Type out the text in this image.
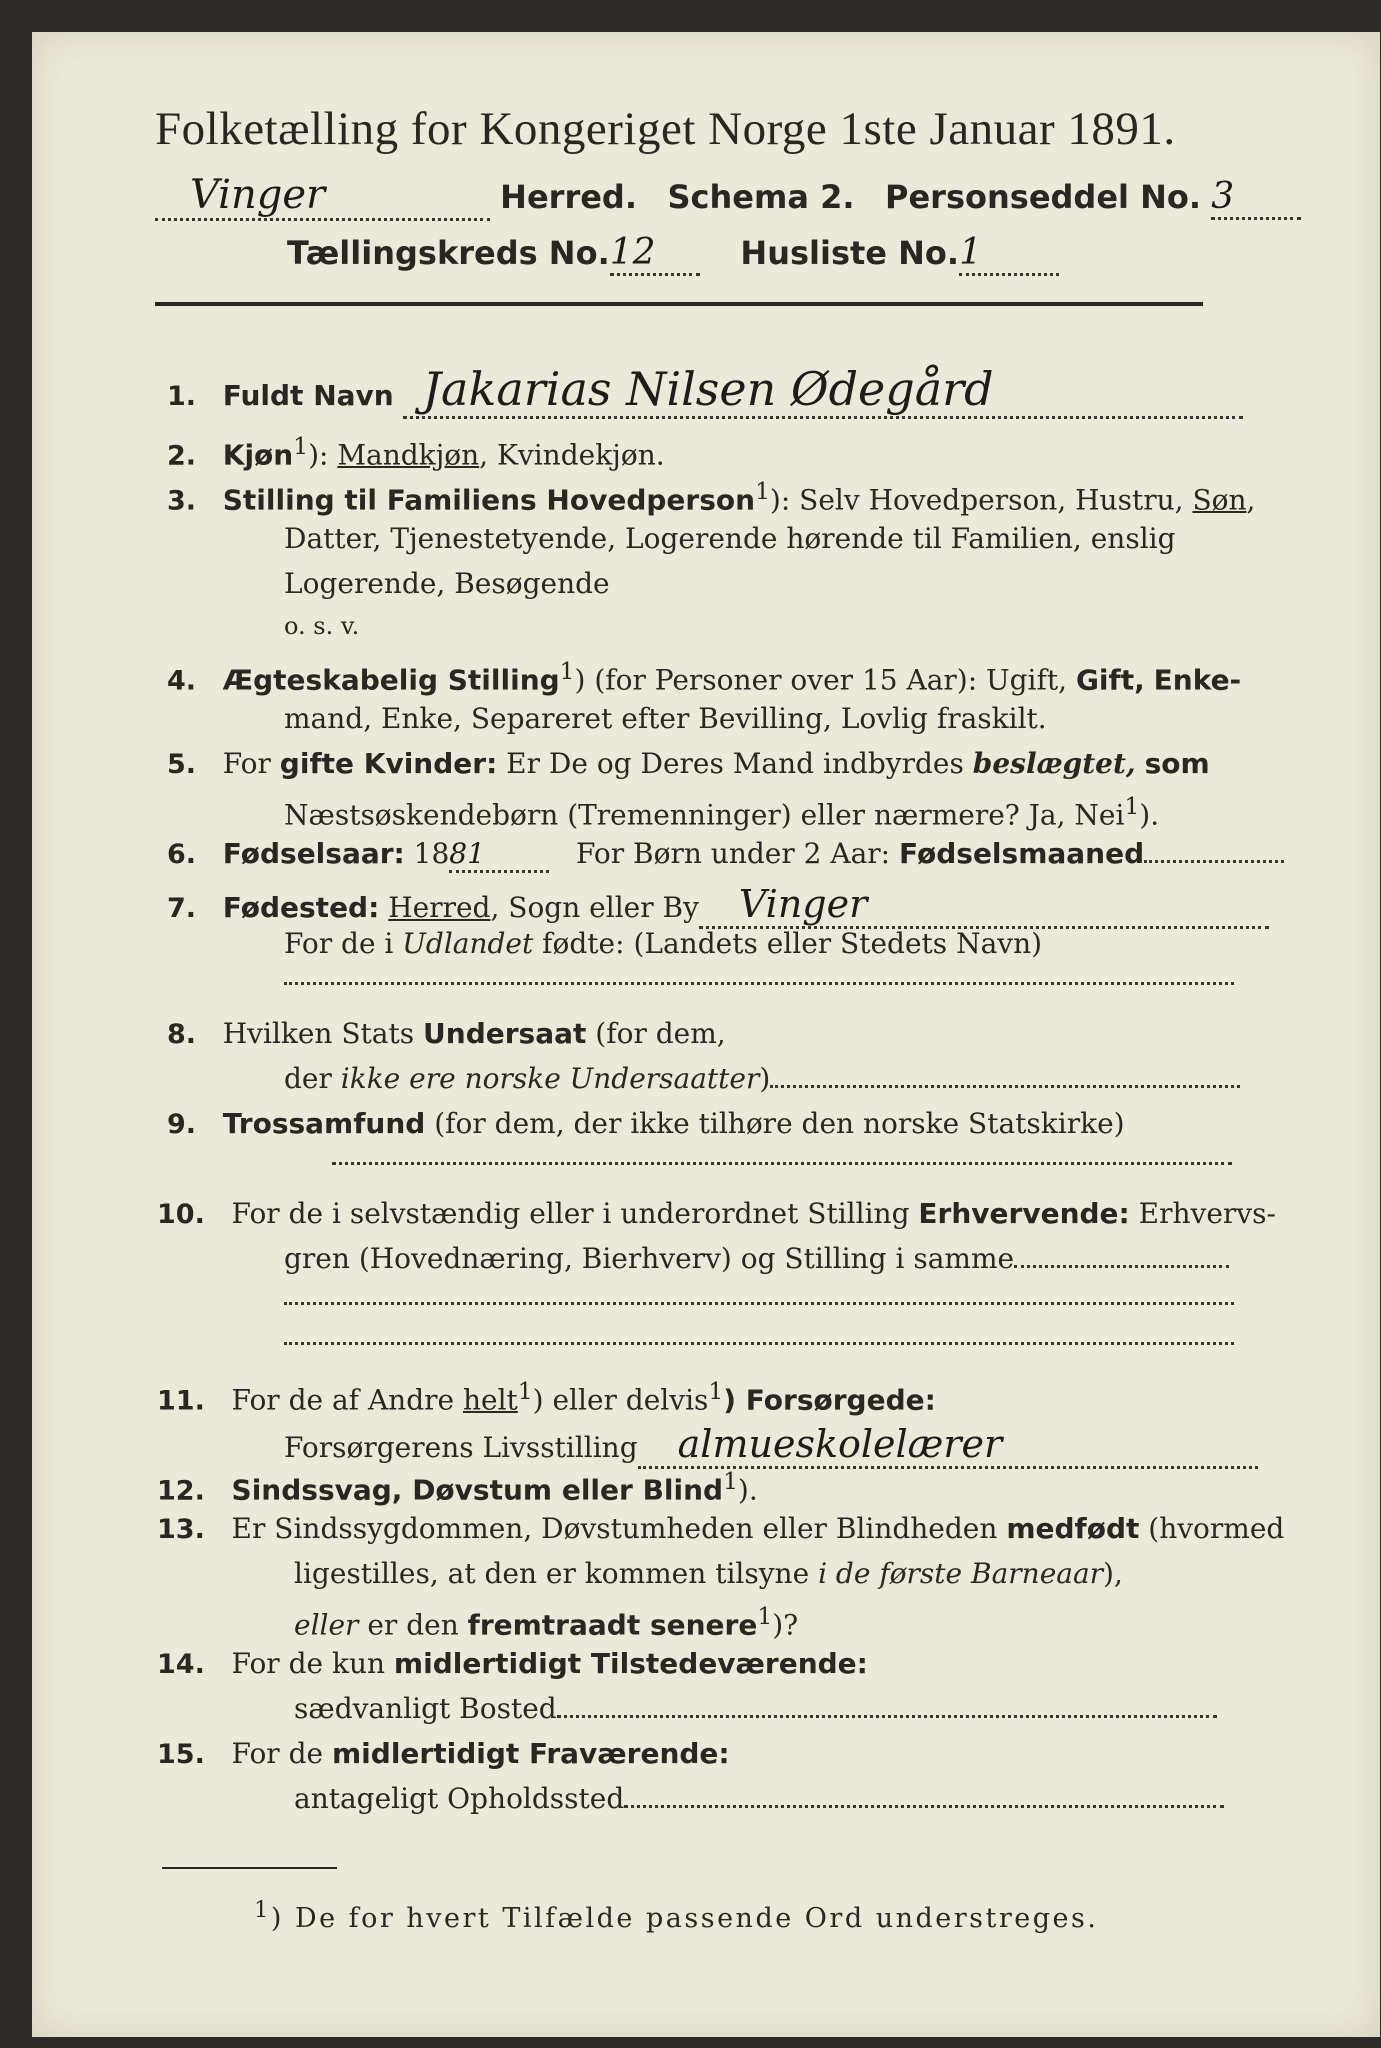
Folketælling for Kongeriget Norge 1ste Januar 1891.
Vinger	Herred. Schema 2. Personseddel No. 3
Tællingskreds No.12	Husliste No.1
1. Fuldt Navn Jakarias Nilsen Ødegård
2. Kjøn$^1$): Mandkjøn, Kvindekjøn.
3. Stilling til Familiens Hovedperson$^1$): Selv Hovedperson, Hustru, Søn,
Datter, Tjenestetyende, Logerende hørende til Familien, enslig
Logerende, Besøgende
o. s. v.
4. Ægteskabelig Stilling$^1$) (for Personer over 15 Aar): Ugift, Gift, Enke-
mand, Enke, Separeret efter Bevilling, Lovlig fraskilt.
5. For gifte Kvinder: Er De og Deres Mand indbyrdes beslægtet, som
Næstsøskendebørn (Tremenninger) eller nærmere? Ja, Nei$^1$).
6. Fødselsaar: 1881	For Børn under 2 Aar: Fødselsmaaned
7. Fødested: Herred, Sogn eller By Vinger
For de i Udlandet fødte: (Landets eller Stedets Navn)
8. Hvilken Stats Undersaat (for dem,
der ikke ere norske Undersaatter)
9. Trossamfund (for dem, der ikke tilhøre den norske Statskirke)
10. For de i selvstændig eller i underordnet Stilling Erhvervende: Erhvervs-
gren (Hovednæring, Bierhverv) og Stilling i samme
11. For de af Andre helt$^1$) eller delvis$^1$) Forsørgede:
Forsørgerens Livsstilling almueskolelærer
12. Sindssvag, Døvstum eller Blind$^1$).
13. Er Sindssygdommen, Døvstumheden eller Blindheden medfødt (hvormed
ligestilles, at den er kommen tilsyne i de første Barneaar),
eller er den fremtraadt senere$^1$)?
14. For de kun midlertidigt Tilstedeværende:
sædvanligt Bosted
15. For de midlertidigt Fraværende:
antageligt Opholdssted
$^1$) De for hvert Tilfælde passende Ord understreges.
